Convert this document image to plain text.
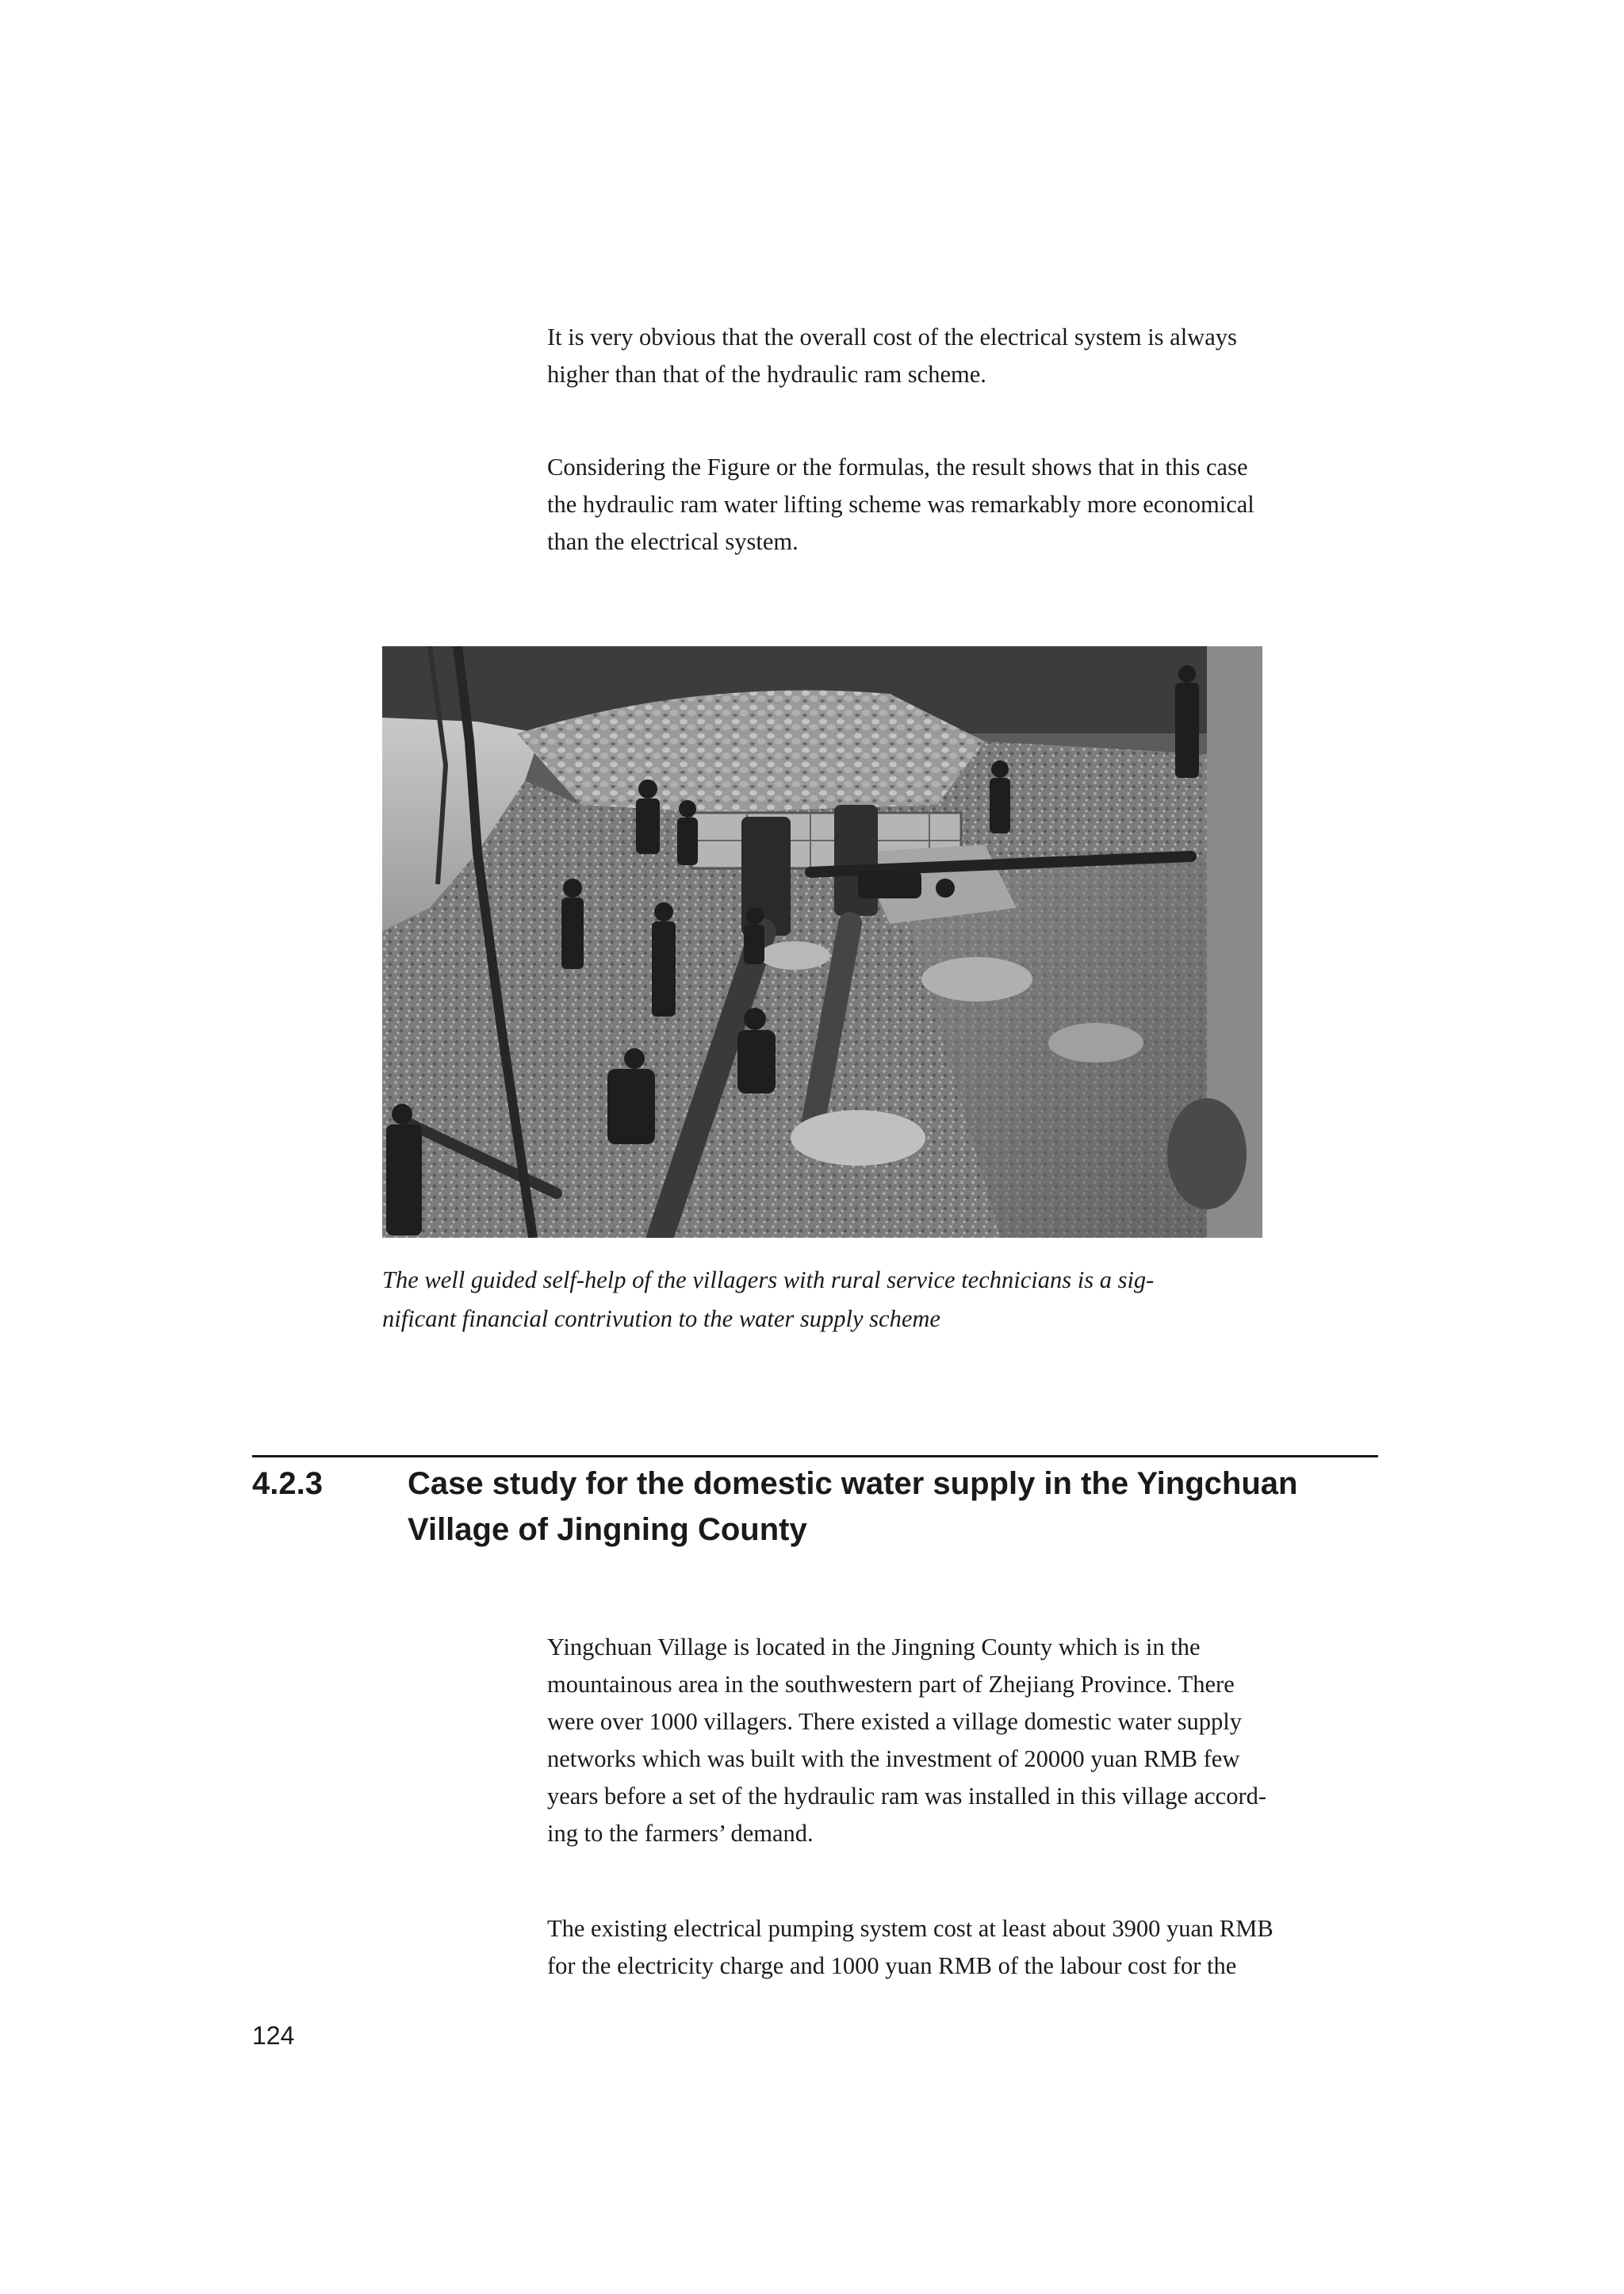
It is very obvious that the overall cost of the electrical system is always
higher than that of the hydraulic ram scheme.

Considering the Figure or the formulas, the result shows that in this case
the hydraulic ram water lifting scheme was remarkably more economical
than the electrical system.

The well guided self-help of the villagers with rural service technicians is a sig-
nificant financial contrivution to the water supply scheme

4.2.3	Case study for the domestic water supply in the Yingchuan
Village of Jingning County

Yingchuan Village is located in the Jingning County which is in the
mountainous area in the southwestern part of Zhejiang Province. There
were over 1000 villagers. There existed a village domestic water supply
networks which was built with the investment of 20000 yuan RMB few
years before a set of the hydraulic ram was installed in this village accord-
ing to the farmers’ demand.

The existing electrical pumping system cost at least about 3900 yuan RMB
for the electricity charge and 1000 yuan RMB of the labour cost for the

124
